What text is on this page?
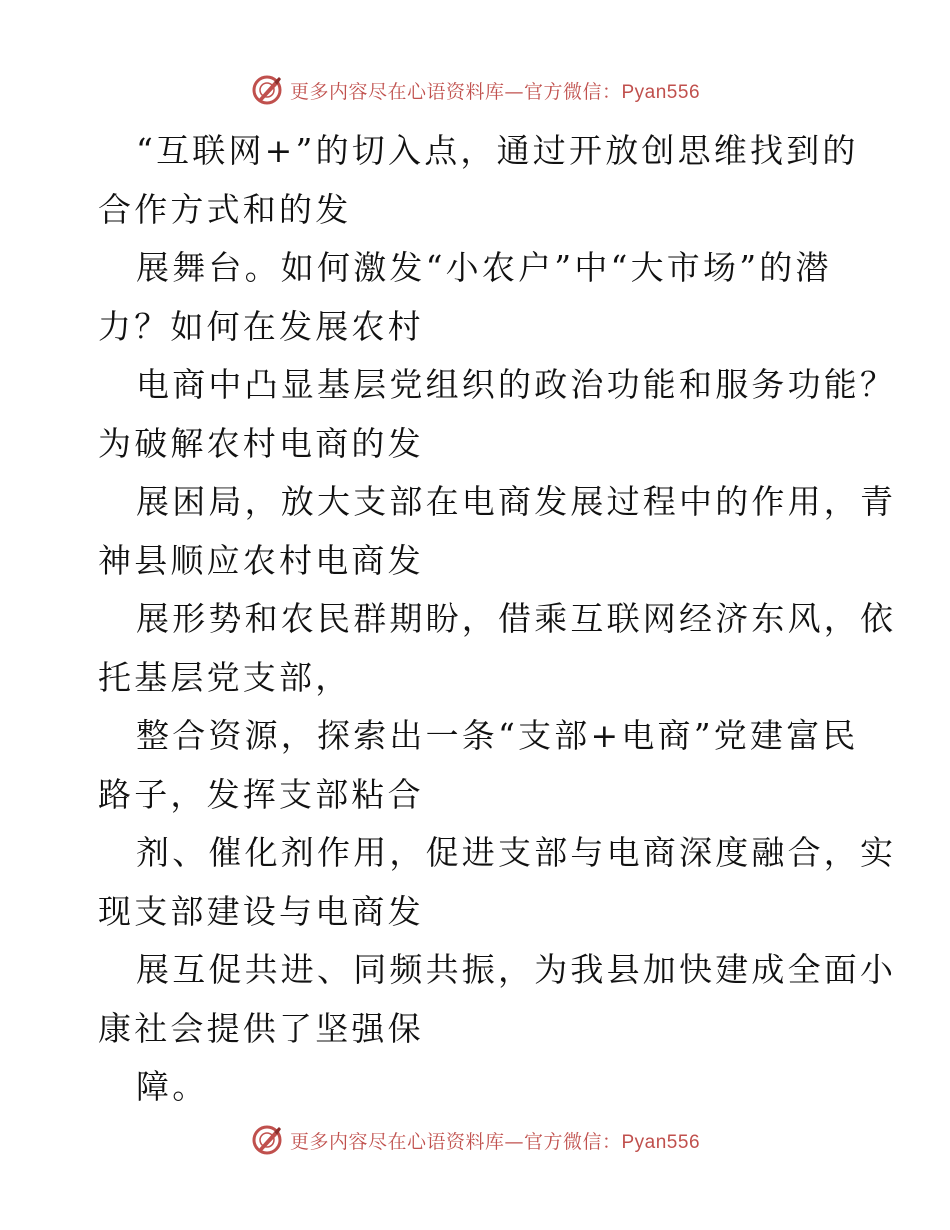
更多内容尽在心语资料库—官方微信：Pyan556
“互联网+”的切入点，通过开放创思维找到的
合作方式和的发
展舞台。如何激发“小农户”中“大市场”的潜
力？如何在发展农村
电商中凸显基层党组织的政治功能和服务功能？
为破解农村电商的发
展困局，放大支部在电商发展过程中的作用，青
神县顺应农村电商发
展形势和农民群期盼，借乘互联网经济东风，依
托基层党支部，
整合资源，探索出一条“支部+电商”党建富民
路子，发挥支部粘合
剂、催化剂作用，促进支部与电商深度融合，实
现支部建设与电商发
展互促共进、同频共振，为我县加快建成全面小
康社会提供了坚强保
障。
更多内容尽在心语资料库—官方微信：Pyan556
